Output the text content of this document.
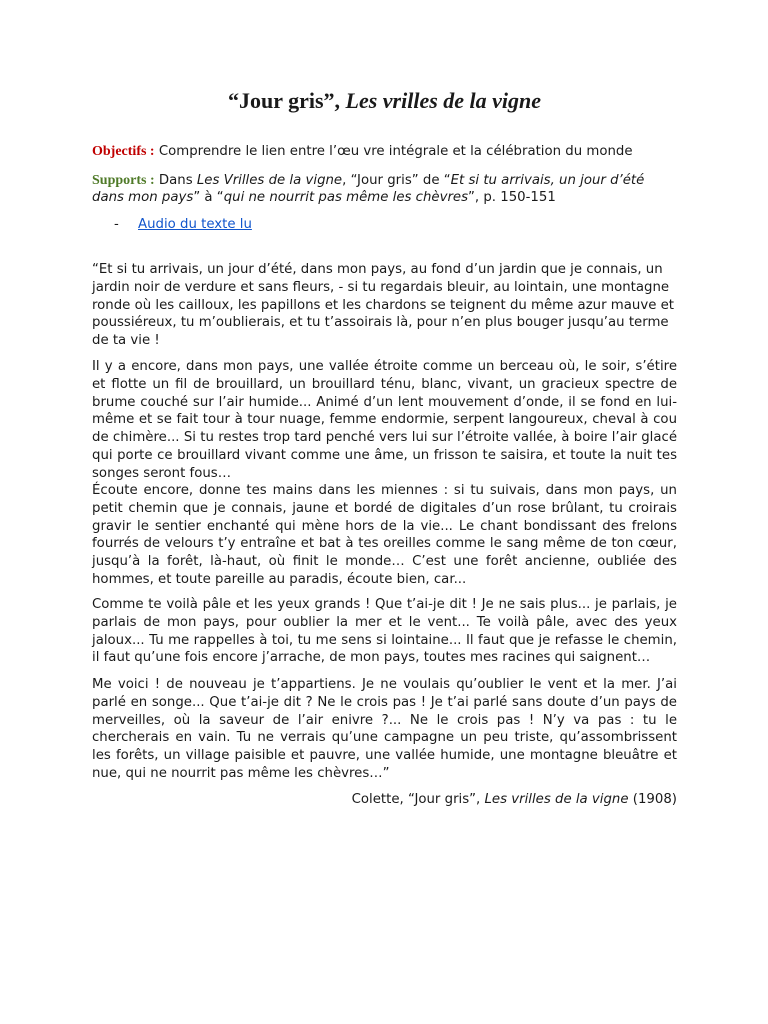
“Jour gris”, Les vrilles de la vigne
Objectifs : Comprendre le lien entre l’œu vre intégrale et la célébration du monde
Supports : Dans Les Vrilles de la vigne, “Jour gris” de “Et si tu arrivais, un jour d’été dans mon pays” à “qui ne nourrit pas même les chèvres”, p. 150-151
- Audio du texte lu

“Et si tu arrivais, un jour d’été, dans mon pays, au fond d’un jardin que je connais, un jardin noir de verdure et sans fleurs, - si tu regardais bleuir, au lointain, une montagne ronde où les cailloux, les papillons et les chardons se teignent du même azur mauve et poussiéreux, tu m’oublierais, et tu t’assoirais là, pour n’en plus bouger jusqu’au terme de ta vie !

Il y a encore, dans mon pays, une vallée étroite comme un berceau où, le soir, s’étire et flotte un fil de brouillard, un brouillard ténu, blanc, vivant, un gracieux spectre de brume couché sur l’air humide... Animé d’un lent mouvement d’onde, il se fond en lui-même et se fait tour à tour nuage, femme endormie, serpent langoureux, cheval à cou de chimère... Si tu restes trop tard penché vers lui sur l’étroite vallée, à boire l’air glacé qui porte ce brouillard vivant comme une âme, un frisson te saisira, et toute la nuit tes songes seront fous…

Écoute encore, donne tes mains dans les miennes : si tu suivais, dans mon pays, un petit chemin que je connais, jaune et bordé de digitales d’un rose brûlant, tu croirais gravir le sentier enchanté qui mène hors de la vie... Le chant bondissant des frelons fourrés de velours t’y entraîne et bat à tes oreilles comme le sang même de ton cœur, jusqu’à la forêt, là-haut, où finit le monde… C’est une forêt ancienne, oubliée des hommes, et toute pareille au paradis, écoute bien, car...

Comme te voilà pâle et les yeux grands ! Que t’ai-je dit ! Je ne sais plus... je parlais, je parlais de mon pays, pour oublier la mer et le vent... Te voilà pâle, avec des yeux jaloux... Tu me rappelles à toi, tu me sens si lointaine... Il faut que je refasse le chemin, il faut qu’une fois encore j’arrache, de mon pays, toutes mes racines qui saignent…

Me voici ! de nouveau je t’appartiens. Je ne voulais qu’oublier le vent et la mer. J’ai parlé en songe... Que t’ai-je dit ? Ne le crois pas ! Je t’ai parlé sans doute d’un pays de merveilles, où la saveur de l’air enivre ?... Ne le crois pas ! N’y va pas : tu le chercherais en vain. Tu ne verrais qu’une campagne un peu triste, qu’assombrissent les forêts, un village paisible et pauvre, une vallée humide, une montagne bleuâtre et nue, qui ne nourrit pas même les chèvres…”

Colette, “Jour gris”, Les vrilles de la vigne (1908)
